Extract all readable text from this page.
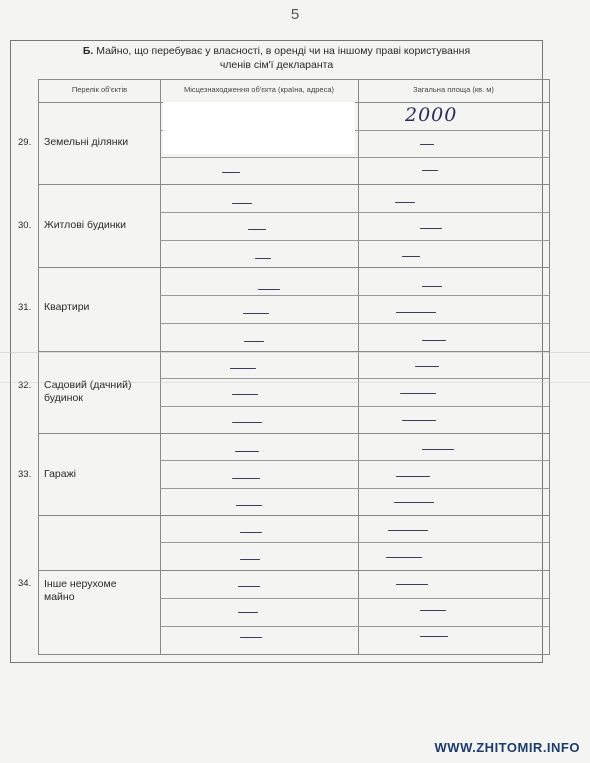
5
Б. Майно, що перебуває у власності, в оренді чи на іншому праві користування
членів сім'ї декларанта
Перелік об'єктів	Місцезнаходження об'єкта (країна, адреса)	Загальна площа (кв. м)
29. Земельні ділянки
30. Житлові будинки
31. Квартири
32. Садовий (дачний) будинок
33. Гаражі
34. Інше нерухоме майно
2000
WWW.ZHITOMIR.INFO
